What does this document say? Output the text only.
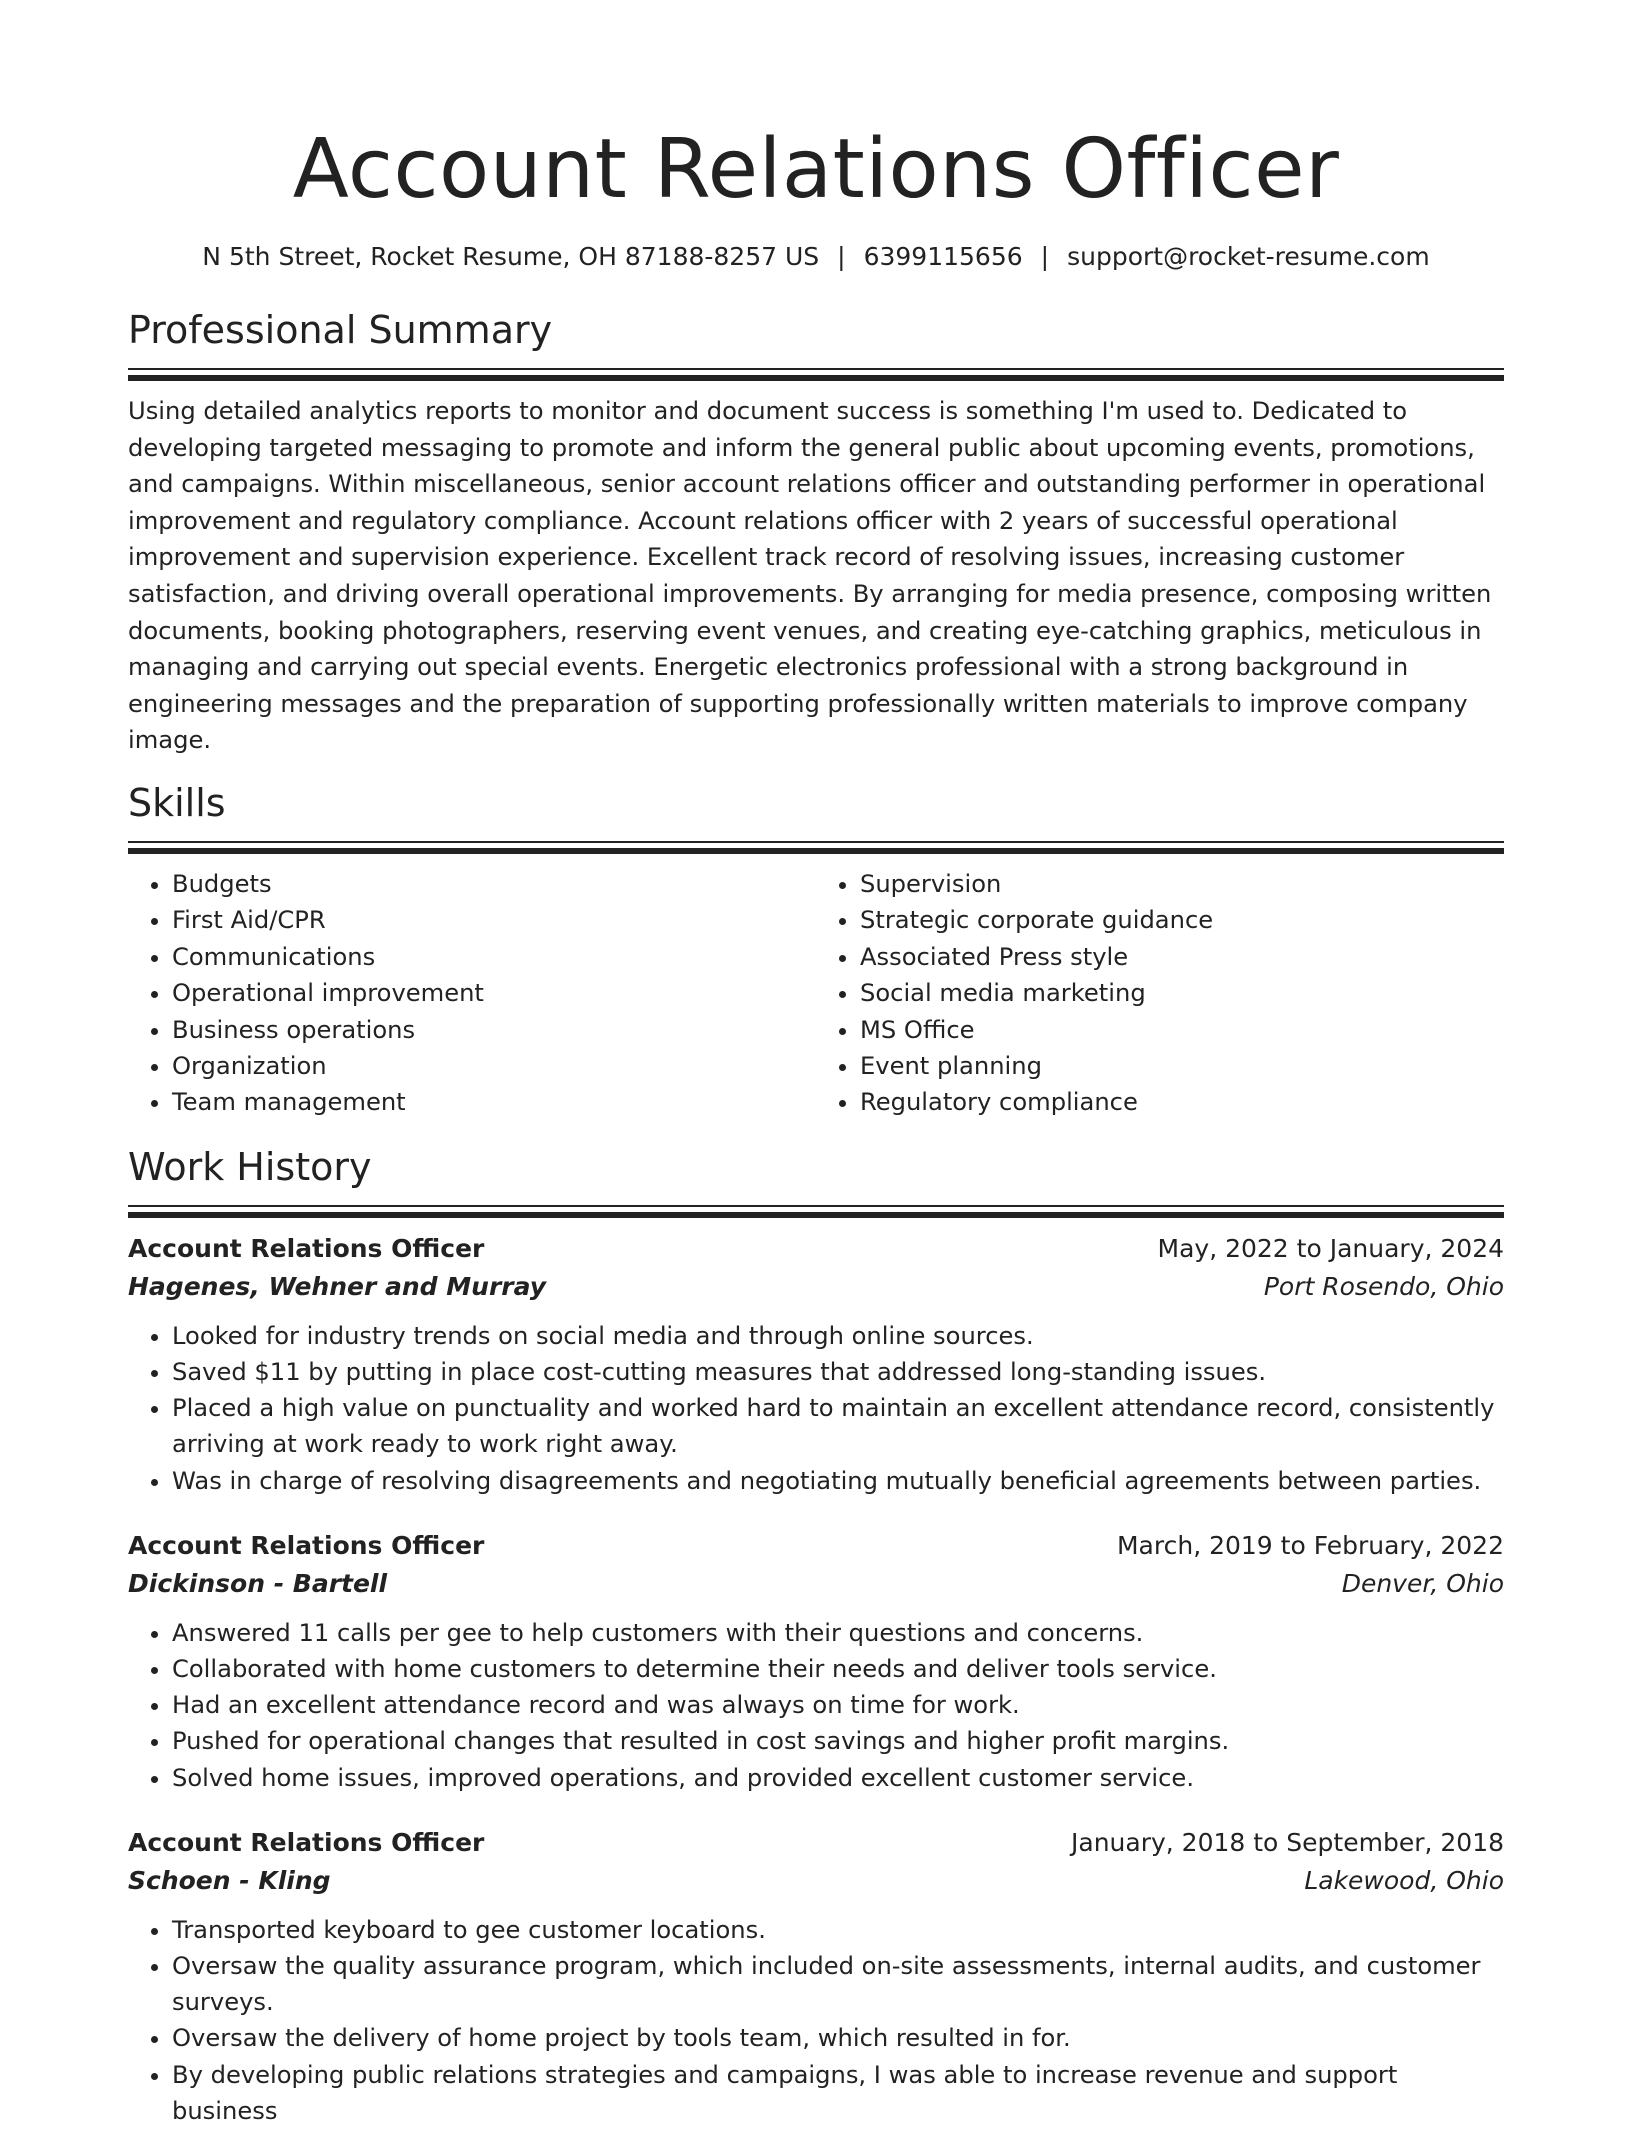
Account Relations Officer
N 5th Street, Rocket Resume, OH 87188-8257 US | 6399115656 | support@rocket-resume.com
Professional Summary

Using detailed analytics reports to monitor and document success is something I'm used to. Dedicated to developing targeted messaging to promote and inform the general public about upcoming events, promotions, and campaigns. Within miscellaneous, senior account relations officer and outstanding performer in operational improvement and regulatory compliance. Account relations officer with 2 years of successful operational improvement and supervision experience. Excellent track record of resolving issues, increasing customer satisfaction, and driving overall operational improvements. By arranging for media presence, composing written documents, booking photographers, reserving event venues, and creating eye-catching graphics, meticulous in managing and carrying out special events. Energetic electronics professional with a strong background in engineering messages and the preparation of supporting professionally written materials to improve company image.

Skills
• Budgets
• First Aid/CPR
• Communications
• Operational improvement
• Business operations
• Organization
• Team management
• Supervision
• Strategic corporate guidance
• Associated Press style
• Social media marketing
• MS Office
• Event planning
• Regulatory compliance
Work History
Account Relations Officer	May, 2022 to January, 2024
Hagenes, Wehner and Murray	Port Rosendo, Ohio
• Looked for industry trends on social media and through online sources.
• Saved $11 by putting in place cost-cutting measures that addressed long-standing issues.
• Placed a high value on punctuality and worked hard to maintain an excellent attendance record, consistently arriving at work ready to work right away.
• Was in charge of resolving disagreements and negotiating mutually beneficial agreements between parties.
Account Relations Officer	March, 2019 to February, 2022
Dickinson - Bartell	Denver, Ohio
• Answered 11 calls per gee to help customers with their questions and concerns.
• Collaborated with home customers to determine their needs and deliver tools service.
• Had an excellent attendance record and was always on time for work.
• Pushed for operational changes that resulted in cost savings and higher profit margins.
• Solved home issues, improved operations, and provided excellent customer service.
Account Relations Officer	January, 2018 to September, 2018
Schoen - Kling	Lakewood, Ohio
• Transported keyboard to gee customer locations.
• Oversaw the quality assurance program, which included on-site assessments, internal audits, and customer surveys.
• Oversaw the delivery of home project by tools team, which resulted in for.
• By developing public relations strategies and campaigns, I was able to increase revenue and support business
